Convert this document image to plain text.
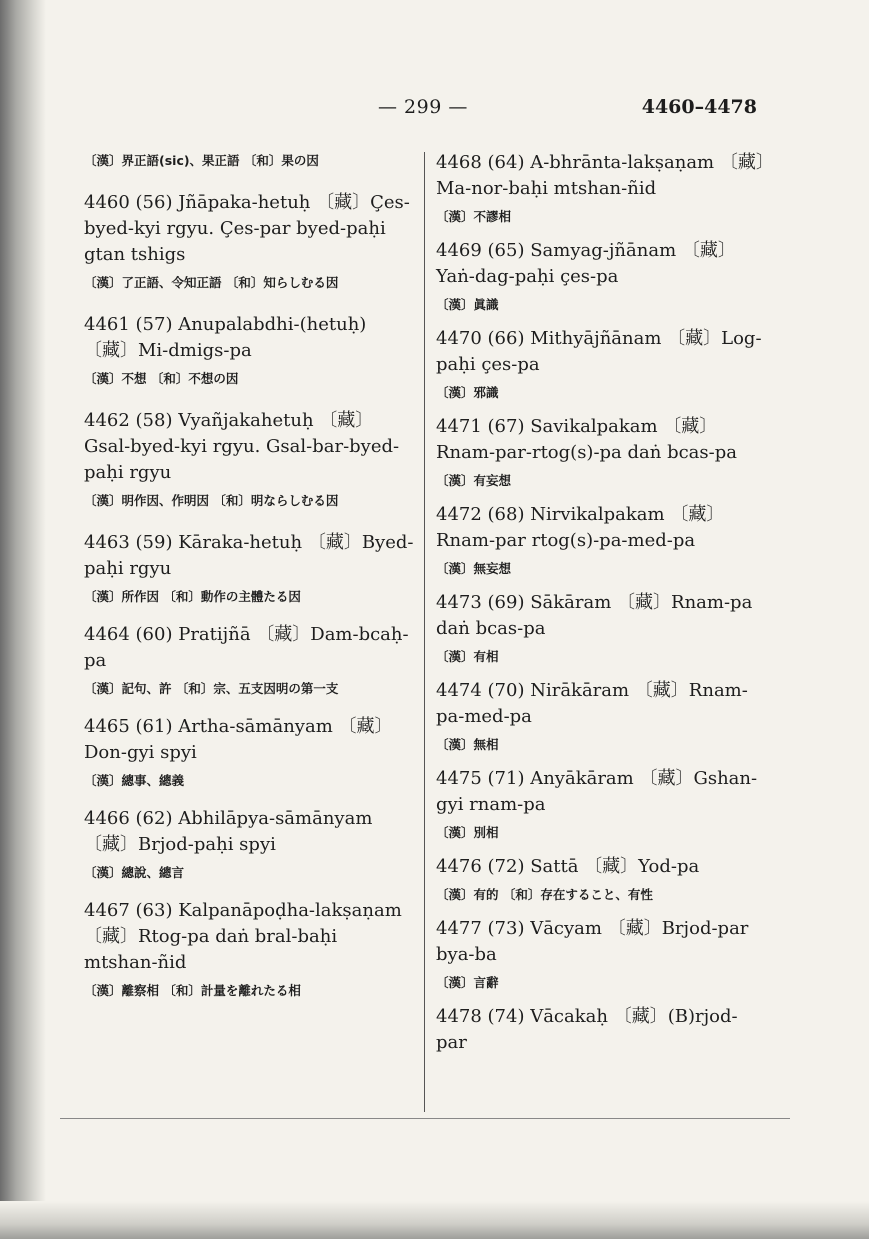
— 299 —	4460–4478
〔漢〕界正語(sic)、果正語 〔和〕果の因
4460 (56) Jñāpaka-hetuḥ 〔藏〕Çes-byed-kyi rgyu. Çes-par byed-paḥi gtan tshigs
〔漢〕了正語、令知正語 〔和〕知らしむる因
4461 (57) Anupalabdhi-(hetuḥ) 〔藏〕Mi-dmigs-pa
〔漢〕不想 〔和〕不想の因
4462 (58) Vyañjakahetuḥ 〔藏〕Gsal-byed-kyi rgyu. Gsal-bar-byed-paḥi rgyu
〔漢〕明作因、作明因 〔和〕明ならしむる因
4463 (59) Kāraka-hetuḥ 〔藏〕Byed-paḥi rgyu
〔漢〕所作因 〔和〕動作の主體たる因
4464 (60) Pratijñā 〔藏〕Dam-bcaḥ-pa
〔漢〕記句、許 〔和〕宗、五支因明の第一支
4465 (61) Artha-sāmānyam 〔藏〕Don-gyi spyi
〔漢〕總事、總義
4466 (62) Abhilāpya-sāmānyam 〔藏〕Brjod-paḥi spyi
〔漢〕總說、總言
4467 (63) Kalpanāpoḍha-lakṣaṇam 〔藏〕Rtog-pa daṅ bral-baḥi mtshan-ñid
〔漢〕離察相 〔和〕計量を離れたる相
4468 (64) A-bhrānta-lakṣaṇam 〔藏〕Ma-nor-baḥi mtshan-ñid
〔漢〕不謬相
4469 (65) Samyag-jñānam 〔藏〕Yaṅ-dag-paḥi çes-pa
〔漢〕眞識
4470 (66) Mithyājñānam 〔藏〕Log-paḥi çes-pa
〔漢〕邪識
4471 (67) Savikalpakam 〔藏〕Rnam-par-rtog(s)-pa daṅ bcas-pa
〔漢〕有妄想
4472 (68) Nirvikalpakam 〔藏〕Rnam-par rtog(s)-pa-med-pa
〔漢〕無妄想
4473 (69) Sākāram 〔藏〕Rnam-pa daṅ bcas-pa
〔漢〕有相
4474 (70) Nirākāram 〔藏〕Rnam-pa-med-pa
〔漢〕無相
4475 (71) Anyākāram 〔藏〕Gshan-gyi rnam-pa
〔漢〕別相
4476 (72) Sattā 〔藏〕Yod-pa
〔漢〕有的 〔和〕存在すること、有性
4477 (73) Vācyam 〔藏〕Brjod-par bya-ba
〔漢〕言辭
4478 (74) Vācakaḥ 〔藏〕(B)rjod-par
